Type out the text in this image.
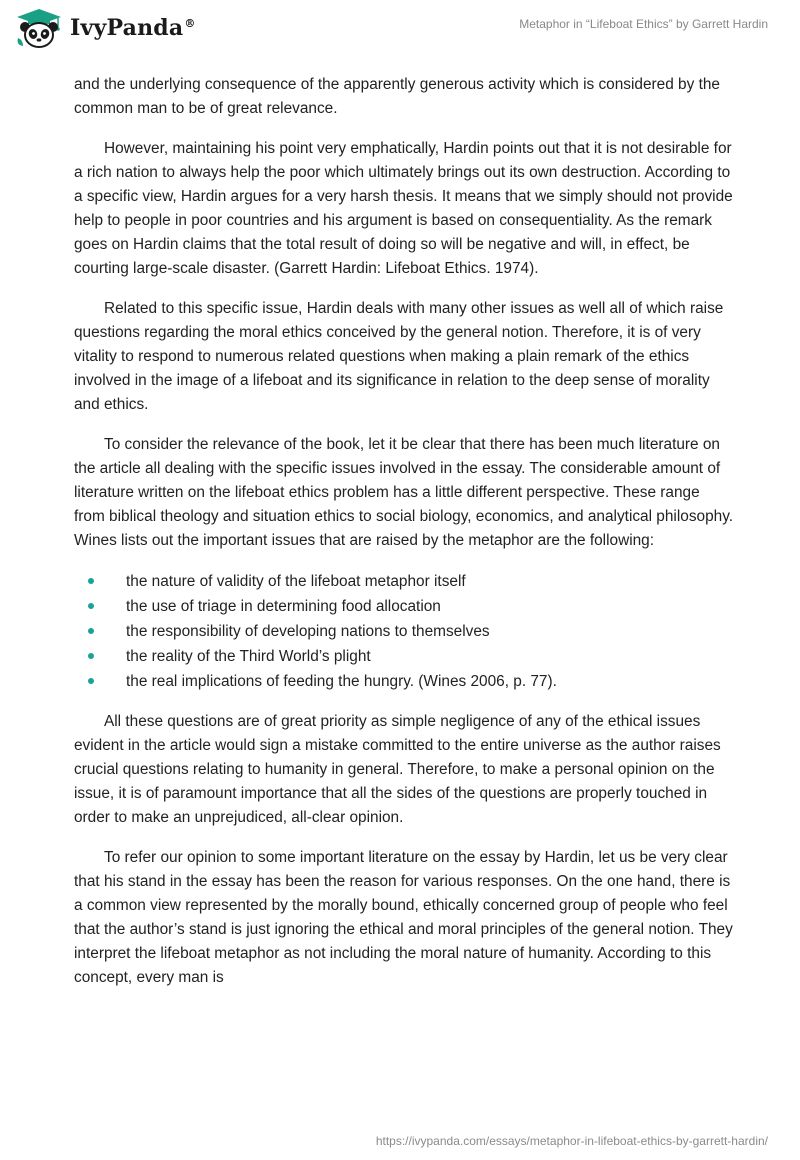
IvyPanda®	Metaphor in “Lifeboat Ethics” by Garrett Hardin

and the underlying consequence of the apparently generous activity which is considered by the common man to be of great relevance.

However, maintaining his point very emphatically, Hardin points out that it is not desirable for a rich nation to always help the poor which ultimately brings out its own destruction. According to a specific view, Hardin argues for a very harsh thesis. It means that we simply should not provide help to people in poor countries and his argument is based on consequentiality. As the remark goes on Hardin claims that the total result of doing so will be negative and will, in effect, be courting large-scale disaster. (Garrett Hardin: Lifeboat Ethics. 1974).

Related to this specific issue, Hardin deals with many other issues as well all of which raise questions regarding the moral ethics conceived by the general notion. Therefore, it is of very vitality to respond to numerous related questions when making a plain remark of the ethics involved in the image of a lifeboat and its significance in relation to the deep sense of morality and ethics.

To consider the relevance of the book, let it be clear that there has been much literature on the article all dealing with the specific issues involved in the essay. The considerable amount of literature written on the lifeboat ethics problem has a little different perspective. These range from biblical theology and situation ethics to social biology, economics, and analytical philosophy. Wines lists out the important issues that are raised by the metaphor are the following:

the nature of validity of the lifeboat metaphor itself
the use of triage in determining food allocation
the responsibility of developing nations to themselves
the reality of the Third World’s plight
the real implications of feeding the hungry. (Wines 2006, p. 77).

All these questions are of great priority as simple negligence of any of the ethical issues evident in the article would sign a mistake committed to the entire universe as the author raises crucial questions relating to humanity in general. Therefore, to make a personal opinion on the issue, it is of paramount importance that all the sides of the questions are properly touched in order to make an unprejudiced, all-clear opinion.

To refer our opinion to some important literature on the essay by Hardin, let us be very clear that his stand in the essay has been the reason for various responses. On the one hand, there is a common view represented by the morally bound, ethically concerned group of people who feel that the author’s stand is just ignoring the ethical and moral principles of the general notion. They interpret the lifeboat metaphor as not including the moral nature of humanity. According to this concept, every man is

https://ivypanda.com/essays/metaphor-in-lifeboat-ethics-by-garrett-hardin/
